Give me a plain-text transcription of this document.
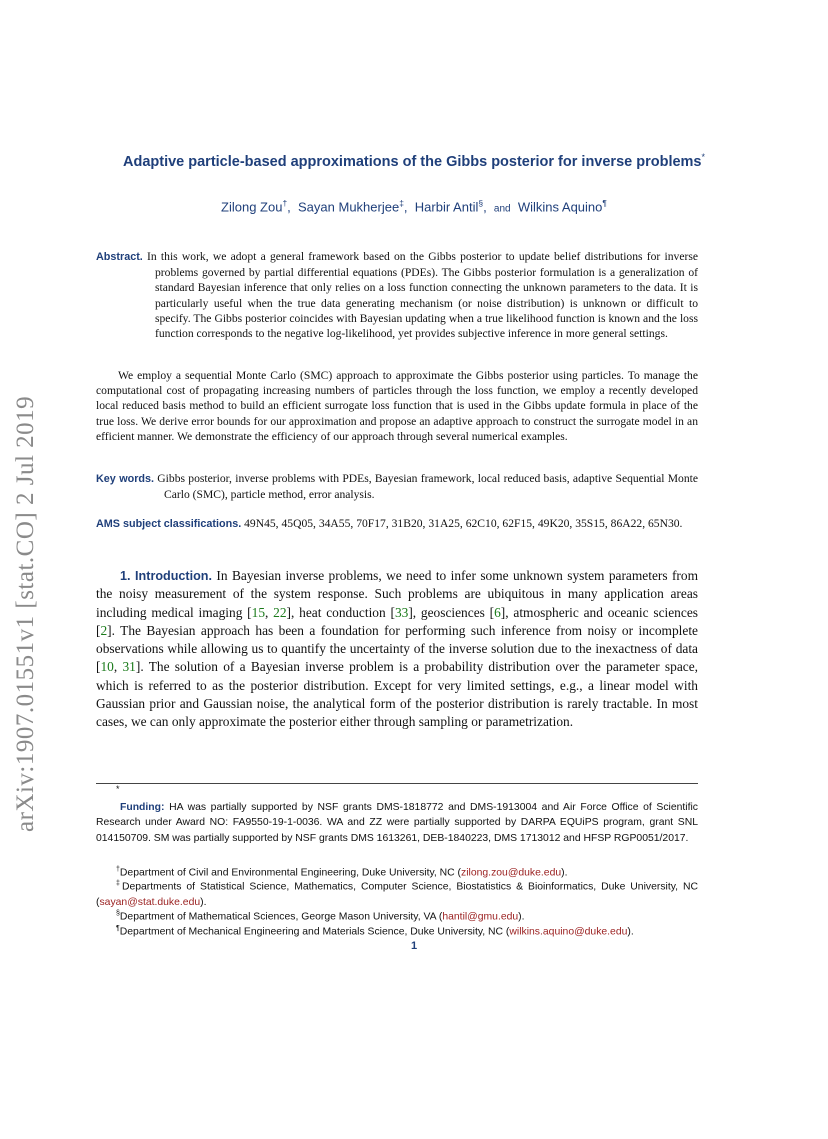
arXiv:1907.01551v1 [stat.CO] 2 Jul 2019
Adaptive particle-based approximations of the Gibbs posterior for inverse problems*
Zilong Zou†,  Sayan Mukherjee‡,  Harbir Antil§,  and Wilkins Aquino¶
Abstract. In this work, we adopt a general framework based on the Gibbs posterior to update belief distributions for inverse problems governed by partial differential equations (PDEs). The Gibbs posterior formulation is a generalization of standard Bayesian inference that only relies on a loss function connecting the unknown parameters to the data. It is particularly useful when the true data generating mechanism (or noise distribution) is unknown or difficult to specify. The Gibbs posterior coincides with Bayesian updating when a true likelihood function is known and the loss function corresponds to the negative log-likelihood, yet provides subjective inference in more general settings.
We employ a sequential Monte Carlo (SMC) approach to approximate the Gibbs posterior using particles. To manage the computational cost of propagating increasing numbers of particles through the loss function, we employ a recently developed local reduced basis method to build an efficient surrogate loss function that is used in the Gibbs update formula in place of the true loss. We derive error bounds for our approximation and propose an adaptive approach to construct the surrogate model in an efficient manner. We demonstrate the efficiency of our approach through several numerical examples.
Key words. Gibbs posterior, inverse problems with PDEs, Bayesian framework, local reduced basis, adaptive Sequential Monte Carlo (SMC), particle method, error analysis.
AMS subject classifications. 49N45, 45Q05, 34A55, 70F17, 31B20, 31A25, 62C10, 62F15, 49K20, 35S15, 86A22, 65N30.
1. Introduction. In Bayesian inverse problems, we need to infer some unknown system parameters from the noisy measurement of the system response. Such problems are ubiquitous in many application areas including medical imaging [15, 22], heat conduction [33], geosciences [6], atmospheric and oceanic sciences [2]. The Bayesian approach has been a foundation for performing such inference from noisy or incomplete observations while allowing us to quantify the uncertainty of the inverse solution due to the inexactness of data [10, 31]. The solution of a Bayesian inverse problem is a probability distribution over the parameter space, which is referred to as the posterior distribution. Except for very limited settings, e.g., a linear model with Gaussian prior and Gaussian noise, the analytical form of the posterior distribution is rarely tractable. In most cases, we can only approximate the posterior either through sampling or parametrization.
*
Funding: HA was partially supported by NSF grants DMS-1818772 and DMS-1913004 and Air Force Office of Scientific Research under Award NO: FA9550-19-1-0036. WA and ZZ were partially supported by DARPA EQUiPS program, grant SNL 014150709. SM was partially supported by NSF grants DMS 1613261, DEB-1840223, DMS 1713012 and HFSP RGP0051/2017.
†Department of Civil and Environmental Engineering, Duke University, NC (zilong.zou@duke.edu).
‡Departments of Statistical Science, Mathematics, Computer Science, Biostatistics & Bioinformatics, Duke University, NC (sayan@stat.duke.edu).
§Department of Mathematical Sciences, George Mason University, VA (hantil@gmu.edu).
¶Department of Mechanical Engineering and Materials Science, Duke University, NC (wilkins.aquino@duke.edu).
1
